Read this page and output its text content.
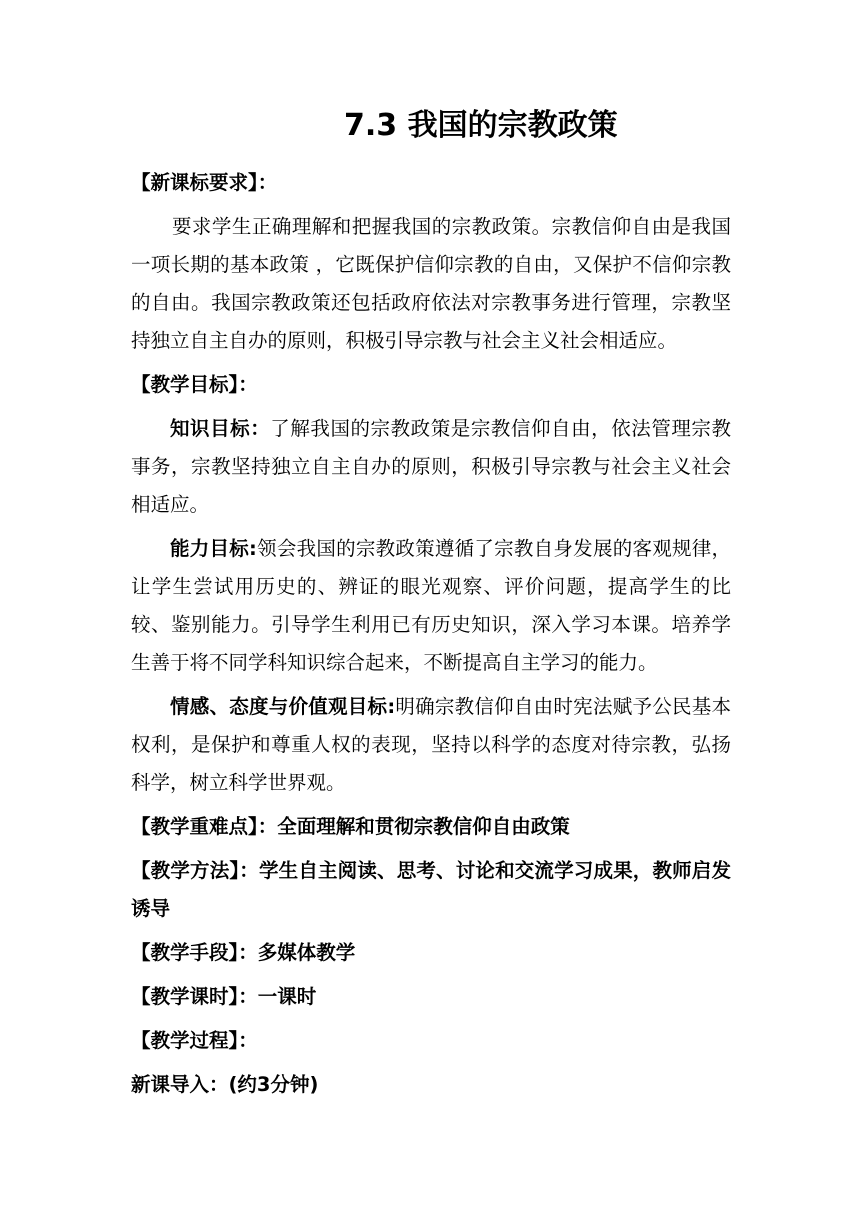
7.3 我国的宗教政策
【新课标要求】：

要求学生正确理解和把握我国的宗教政策。宗教信仰自由是我国一项长期的基本政策 ，它既保护信仰宗教的自由，又保护不信仰宗教的自由。我国宗教政策还包括政府依法对宗教事务进行管理，宗教坚持独立自主自办的原则，积极引导宗教与社会主义社会相适应。

【教学目标】：

知识目标：了解我国的宗教政策是宗教信仰自由，依法管理宗教事务，宗教坚持独立自主自办的原则，积极引导宗教与社会主义社会相适应。

能力目标:领会我国的宗教政策遵循了宗教自身发展的客观规律，让学生尝试用历史的、辨证的眼光观察、评价问题，提高学生的比较、鉴别能力。引导学生利用已有历史知识，深入学习本课。培养学生善于将不同学科知识综合起来，不断提高自主学习的能力。

情感、态度与价值观目标:明确宗教信仰自由时宪法赋予公民基本权利，是保护和尊重人权的表现，坚持以科学的态度对待宗教，弘扬科学，树立科学世界观。

【教学重难点】：全面理解和贯彻宗教信仰自由政策

【教学方法】：学生自主阅读、思考、讨论和交流学习成果，教师启发诱导

【教学手段】：多媒体教学
【教学课时】：一课时
【教学过程】：
新课导入：(约3分钟)
